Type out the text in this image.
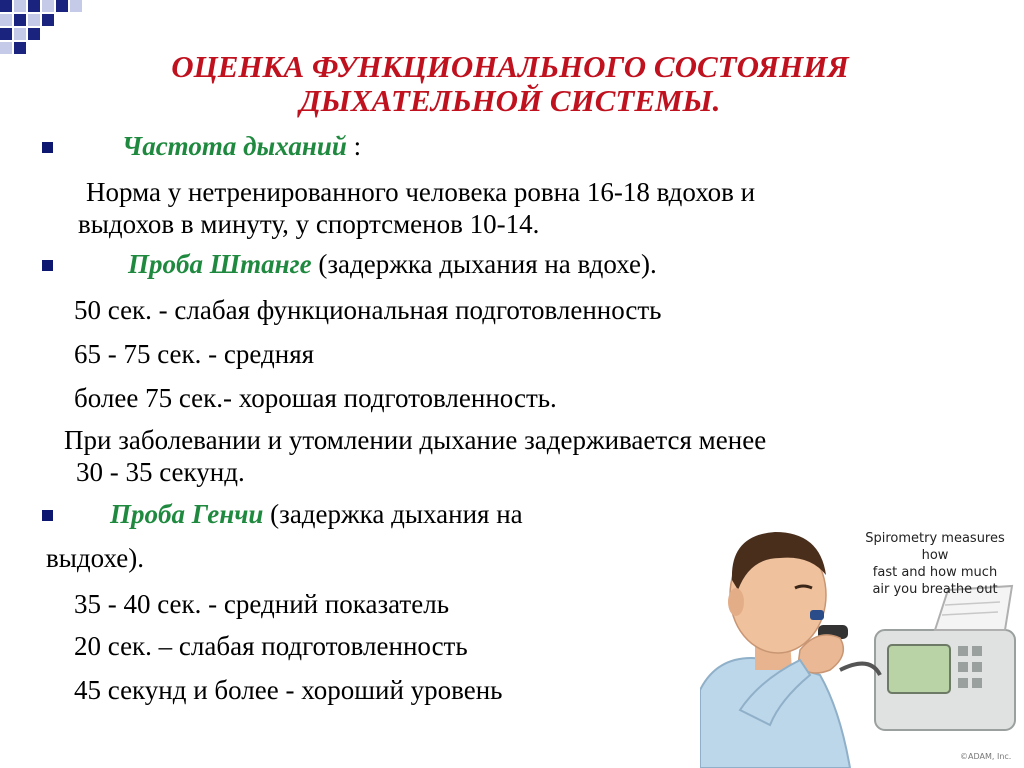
ОЦЕНКА ФУНКЦИОНАЛЬНОГО СОСТОЯНИЯ
ДЫХАТЕЛЬНОЙ СИСТЕМЫ.
Частота дыханий :
Норма у нетренированного человека ровна 16-18 вдохов и
выдохов в минуту, у спортсменов 10-14.
Проба Штанге (задержка дыхания на вдохе).
50 сек. - слабая функциональная подготовленность
65 - 75 сек. - средняя
более 75 сек.- хорошая подготовленность.
При заболевании и утомлении дыхание задерживается менее
30 - 35 секунд.
Проба Генчи (задержка дыхания на
выдохе).
35 - 40 сек. - средний показатель
20 сек. – слабая подготовленность
45 секунд и более - хороший уровень
Spirometry measures how
fast and how much
air you breathe out
©ADAM, Inc.
